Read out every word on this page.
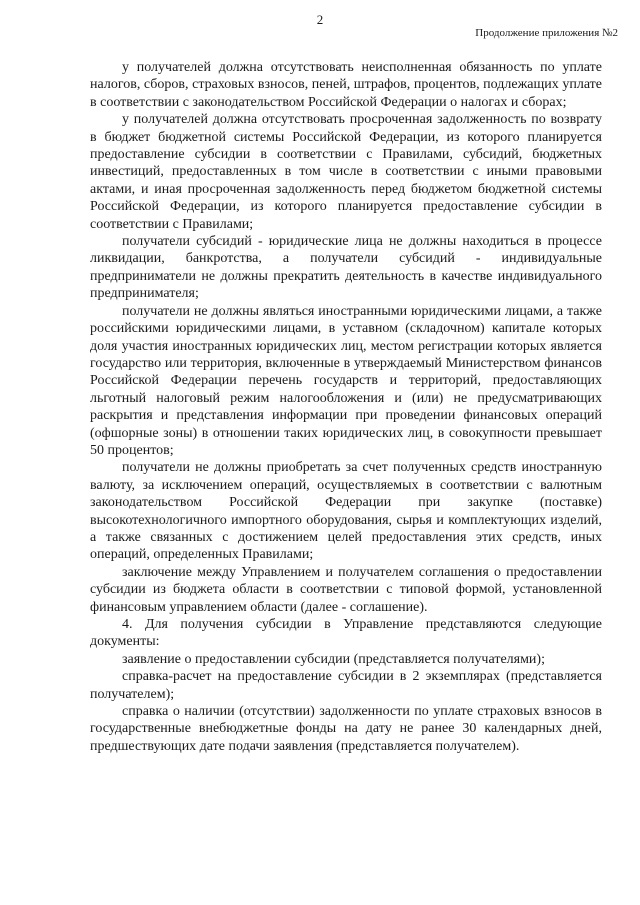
2
Продолжение приложения №2

у получателей должна отсутствовать неисполненная обязанность по уплате налогов, сборов, страховых взносов, пеней, штрафов, процентов, подлежащих уплате в соответствии с законодательством Российской Федерации о налогах и сборах;

у получателей должна отсутствовать просроченная задолженность по возврату в бюджет бюджетной системы Российской Федерации, из которого планируется предоставление субсидии в соответствии с Правилами, субсидий, бюджетных инвестиций, предоставленных в том числе в соответствии с иными правовыми актами, и иная просроченная задолженность перед бюджетом бюджетной системы Российской Федерации, из которого планируется предоставление субсидии в соответствии с Правилами;

получатели субсидий - юридические лица не должны находиться в процессе ликвидации, банкротства, а получатели субсидий - индивидуальные предприниматели не должны прекратить деятельность в качестве индивидуального предпринимателя;

получатели не должны являться иностранными юридическими лицами, а также российскими юридическими лицами, в уставном (складочном) капитале которых доля участия иностранных юридических лиц, местом регистрации которых является государство или территория, включенные в утверждаемый Министерством финансов Российской Федерации перечень государств и территорий, предоставляющих льготный налоговый режим налогообложения и (или) не предусматривающих раскрытия и представления информации при проведении финансовых операций (офшорные зоны) в отношении таких юридических лиц, в совокупности превышает 50 процентов;

получатели не должны приобретать за счет полученных средств иностранную валюту, за исключением операций, осуществляемых в соответствии с валютным законодательством Российской Федерации при закупке (поставке) высокотехнологичного импортного оборудования, сырья и комплектующих изделий, а также связанных с достижением целей предоставления этих средств, иных операций, определенных Правилами;

заключение между Управлением и получателем соглашения о предоставлении субсидии из бюджета области в соответствии с типовой формой, установленной финансовым управлением области (далее - соглашение).

4. Для получения субсидии в Управление представляются следующие документы:

заявление о предоставлении субсидии (представляется получателями);

справка-расчет на предоставление субсидии в 2 экземплярах (представляется получателем);

справка о наличии (отсутствии) задолженности по уплате страховых взносов в государственные внебюджетные фонды на дату не ранее 30 календарных дней, предшествующих дате подачи заявления (представляется получателем).
